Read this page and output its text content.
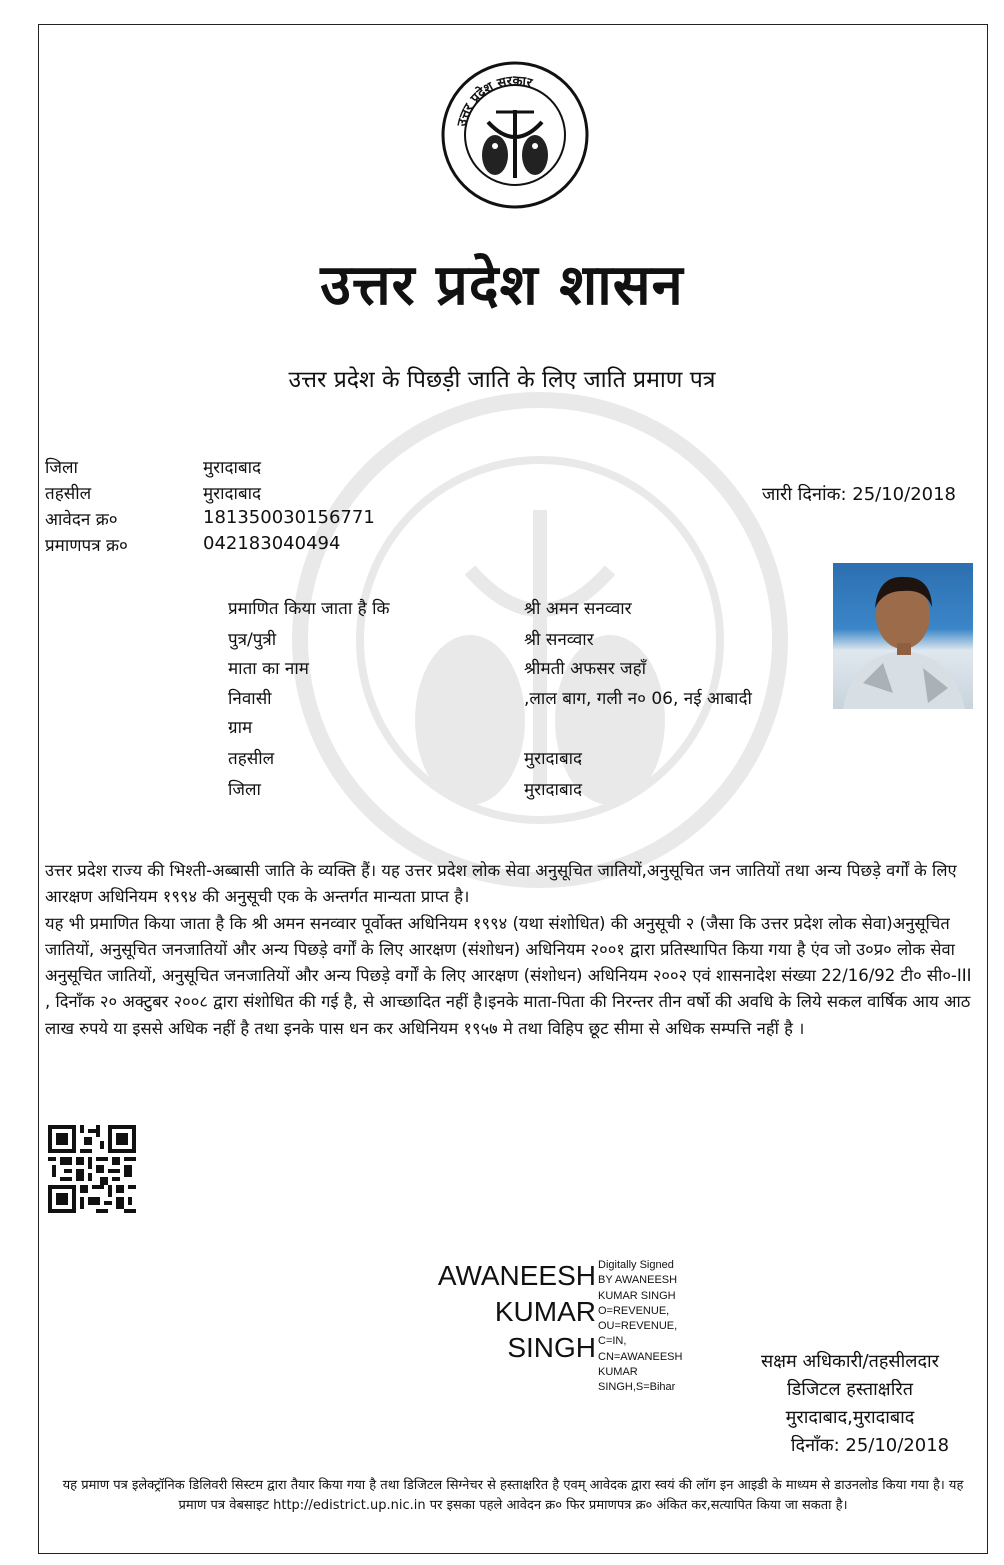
उत्तर प्रदेश सरकार
उत्तर प्रदेश शासन
उत्तर प्रदेश के पिछड़ी जाति के लिए जाति प्रमाण पत्र
जिला	मुरादाबाद
तहसील	मुरादाबाद
आवेदन क्र०	181350030156771
प्रमाणपत्र क्र०	042183040494
जारी दिनांक: 25/10/2018
प्रमाणित किया जाता है कि	श्री अमन सनव्वार
पुत्र/पुत्री	श्री सनव्वार
माता का नाम	श्रीमती अफसर जहाँ
निवासी	,लाल बाग, गली न० 06, नई आबादी
ग्राम
तहसील	मुरादाबाद
जिला	मुरादाबाद

उत्तर प्रदेश राज्य की भिश्ती-अब्बासी जाति के व्यक्ति हैं। यह उत्तर प्रदेश लोक सेवा अनुसूचित जातियों,अनुसूचित जन जातियों तथा अन्य पिछड़े वर्गों के लिए आरक्षण अधिनियम १९९४ की अनुसूची एक के अन्तर्गत मान्यता प्राप्त है।

यह भी प्रमाणित किया जाता है कि श्री अमन सनव्वार पूर्वोक्त अधिनियम १९९४ (यथा संशोधित) की अनुसूची २ (जैसा कि उत्तर प्रदेश लोक सेवा)अनुसूचित जातियों, अनुसूचित जनजातियों और अन्य पिछड़े वर्गों के लिए आरक्षण (संशोधन) अधिनियम २००१ द्वारा प्रतिस्थापित किया गया है एंव जो उ०प्र० लोक सेवा अनुसूचित जातियों, अनुसूचित जनजातियों और अन्य पिछड़े वर्गों के लिए आरक्षण (संशोधन) अधिनियम २००२ एवं शासनादेश संख्या 22/16/92 टी० सी०-III , दिनाँक २० अक्टुबर २००८ द्वारा संशोधित की गई है, से आच्छादित नहीं है।इनके माता-पिता की निरन्तर तीन वर्षो की अवधि के लिये सकल वार्षिक आय आठ लाख रुपये या इससे अधिक नहीं है तथा इनके पास धन कर अधिनियम १९५७ मे तथा विहिप छूट सीमा से अधिक सम्पत्ति नहीं है ।

AWANEESH
KUMAR
SINGH
Digitally Signed
BY AWANEESH
KUMAR SINGH
O=REVENUE,
OU=REVENUE,
C=IN,
CN=AWANEESH
KUMAR
SINGH,S=Bihar
सक्षम अधिकारी/तहसीलदार
डिजिटल हस्ताक्षरित
मुरादाबाद,मुरादाबाद
दिनाँक: 25/10/2018
यह प्रमाण पत्र इलेक्ट्रॉनिक डिलिवरी सिस्टम द्वारा तैयार किया गया है तथा डिजिटल सिग्नेचर से हस्ताक्षरित है एवम् आवेदक द्वारा स्वयं की लॉग इन आइडी के माध्यम से डाउनलोड किया गया है। यह प्रमाण पत्र वेबसाइट http://edistrict.up.nic.in पर इसका पहले आवेदन क्र० फिर प्रमाणपत्र क्र० अंकित कर,सत्यापित किया जा सकता है।
